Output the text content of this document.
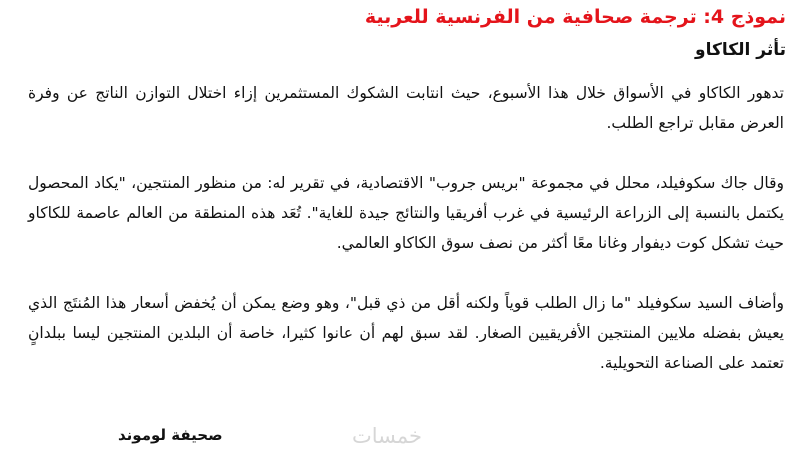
نموذج 4: ترجمة صحافية من الفرنسية للعربية
تأثر الكاكاو

تدهور الكاكاو في الأسواق خلال هذا الأسبوع، حيث انتابت الشكوك المستثمرين إزاء اختلال التوازن الناتج عن وفرة العرض مقابل تراجع الطلب.

وقال جاك سكوفيلد، محلل في مجموعة "بريس جروب" الاقتصادية، في تقرير له: من منظور المنتجين، "يكاد المحصول يكتمل بالنسبة إلى الزراعة الرئيسية في غرب أفريقيا والنتائج جيدة للغاية". تُعَد هذه المنطقة من العالم عاصمة للكاكاو حيث تشكل كوت ديفوار وغانا معًا أكثر من نصف سوق الكاكاو العالمي.

وأضاف السيد سكوفيلد "ما زال الطلب قوياً ولكنه أقل من ذي قبل"، وهو وضع يمكن أن يُخفض أسعار هذا المُنتَج الذي يعيش بفضله ملايين المنتجين الأفريقيين الصغار. لقد سبق لهم أن عانوا كثيرا، خاصة أن البلدين المنتجين ليسا ببلدانٍ تعتمد على الصناعة التحويلية.

خمسات
صحيفة لوموند
